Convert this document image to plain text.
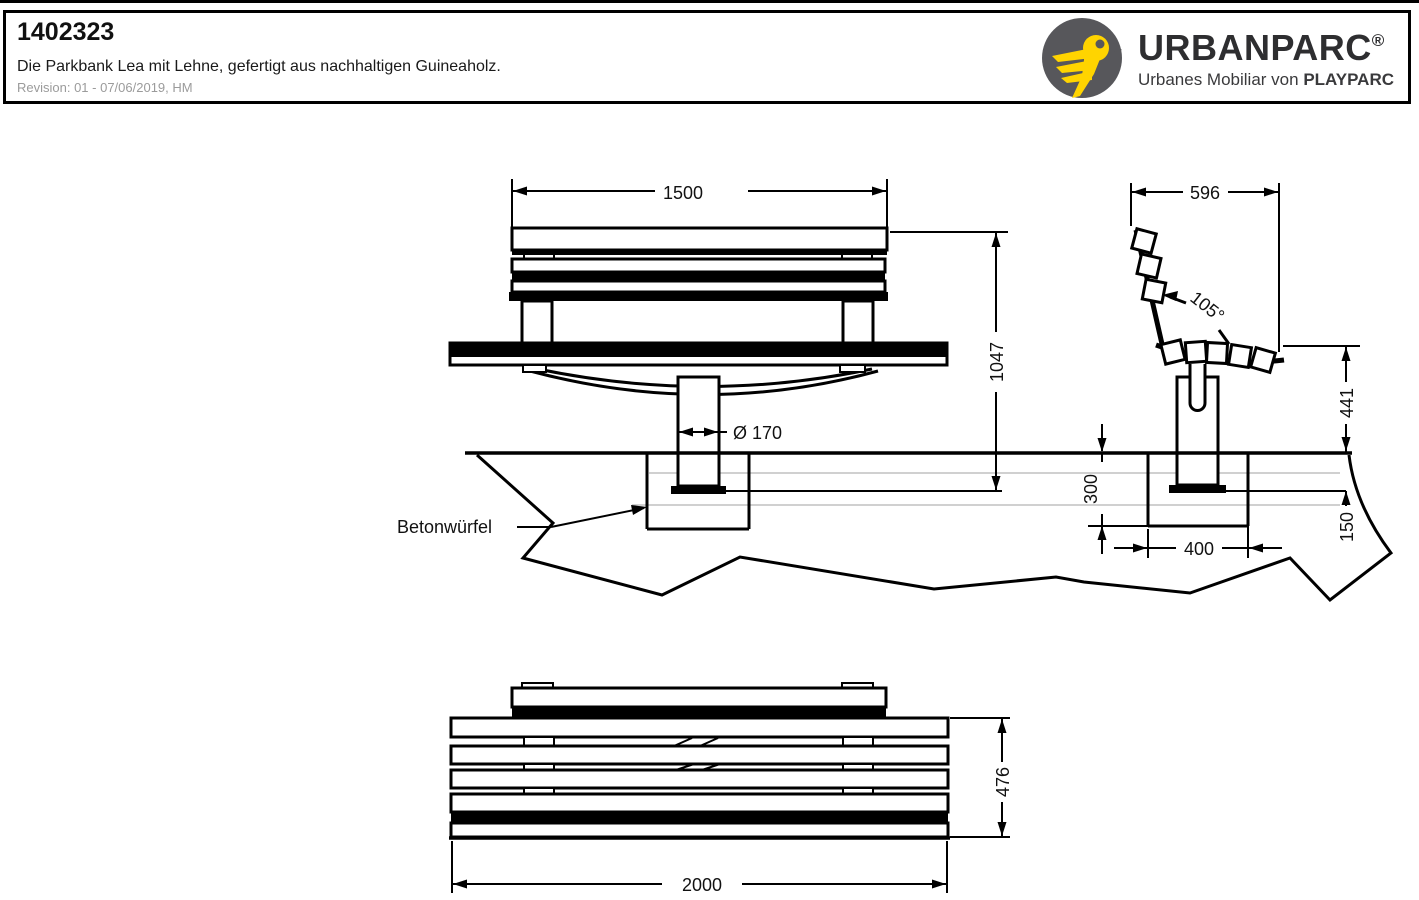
1402323
Die Parkbank Lea mit Lehne, gefertigt aus nachhaltigen Guineaholz.
Revision: 01 - 07/06/2019, HM
URBANPARC®
Urbanes Mobiliar von PLAYPARC
1500
Ø 170
596
105°
Betonwürfel
1047
441
150
300
400
476
2000
